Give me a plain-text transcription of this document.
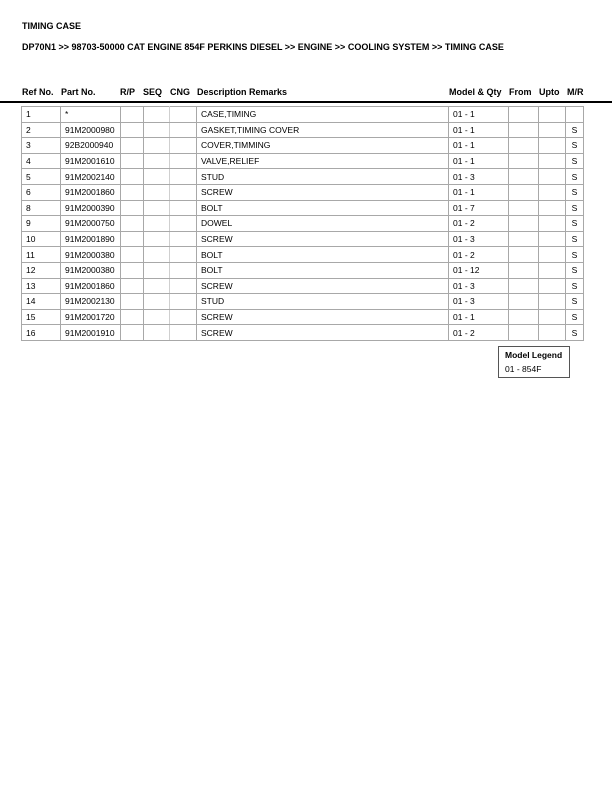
TIMING CASE
DP70N1 >> 98703-50000 CAT ENGINE 854F PERKINS DIESEL >> ENGINE >> COOLING SYSTEM >> TIMING CASE
Ref No. Part No.	R/P SEQ CNG Description Remarks	Model & Qty From Upto M/R
1	*				CASE,TIMING	01 - 1			
2	91M2000980				GASKET,TIMING COVER	01 - 1			S
3	92B2000940				COVER,TIMMING	01 - 1			S
4	91M2001610				VALVE,RELIEF	01 - 1			S
5	91M2002140				STUD	01 - 3			S
6	91M2001860				SCREW	01 - 1			S
8	91M2000390				BOLT	01 - 7			S
9	91M2000750				DOWEL	01 - 2			S
10	91M2001890				SCREW	01 - 3			S
11	91M2000380				BOLT	01 - 2			S
12	91M2000380				BOLT	01 - 12			S
13	91M2001860				SCREW	01 - 3			S
14	91M2002130				STUD	01 - 3			S
15	91M2001720				SCREW	01 - 1			S
16	91M2001910				SCREW	01 - 2			S
Model Legend
01 - 854F
